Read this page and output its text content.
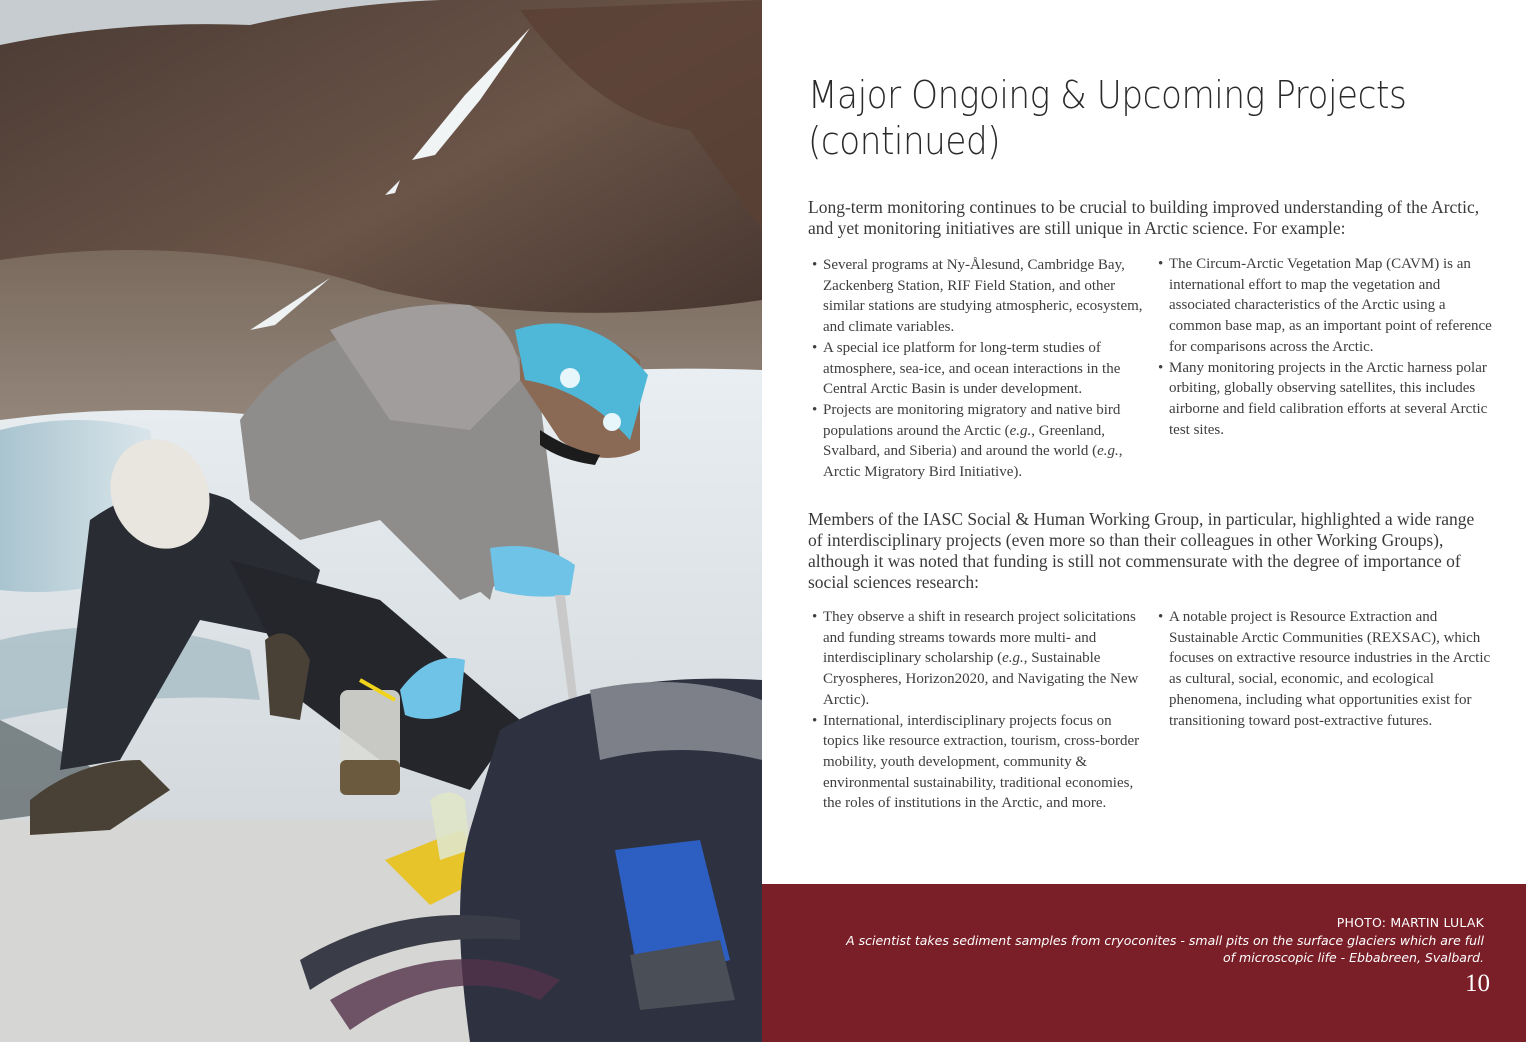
Major Ongoing & Upcoming Projects
(continued)

Long-term monitoring continues to be crucial to building improved understanding of the Arctic, and yet monitoring initiatives are still unique in Arctic science. For example:

• Several programs at Ny-Ålesund, Cambridge Bay, Zackenberg Station, RIF Field Station, and other similar stations are studying atmospheric, ecosystem, and climate variables.
• A special ice platform for long-term studies of atmosphere, sea-ice, and ocean interactions in the Central Arctic Basin is under development.
• Projects are monitoring migratory and native bird populations around the Arctic (e.g., Greenland, Svalbard, and Siberia) and around the world (e.g., Arctic Migratory Bird Initiative).
• The Circum-Arctic Vegetation Map (CAVM) is an international effort to map the vegetation and associated characteristics of the Arctic using a common base map, as an important point of reference for comparisons across the Arctic.
• Many monitoring projects in the Arctic harness polar orbiting, globally observing satellites, this includes airborne and field calibration efforts at several Arctic test sites.

Members of the IASC Social & Human Working Group, in particular, highlighted a wide range of interdisciplinary projects (even more so than their colleagues in other Working Groups), although it was noted that funding is still not commensurate with the degree of importance of social sciences research:

• They observe a shift in research project solicitations and funding streams towards more multi- and interdisciplinary scholarship (e.g., Sustainable Cryospheres, Horizon2020, and Navigating the New Arctic).
• International, interdisciplinary projects focus on topics like resource extraction, tourism, cross-border mobility, youth development, community & environmental sustainability, traditional economies, the roles of institutions in the Arctic, and more.
• A notable project is Resource Extraction and Sustainable Arctic Communities (REXSAC), which focuses on extractive resource industries in the Arctic as cultural, social, economic, and ecological phenomena, including what opportunities exist for transitioning toward post-extractive futures.

PHOTO: MARTIN LULAK

A scientist takes sediment samples from cryoconites - small pits on the surface glaciers which are full of microscopic life - Ebbabreen, Svalbard.

10
